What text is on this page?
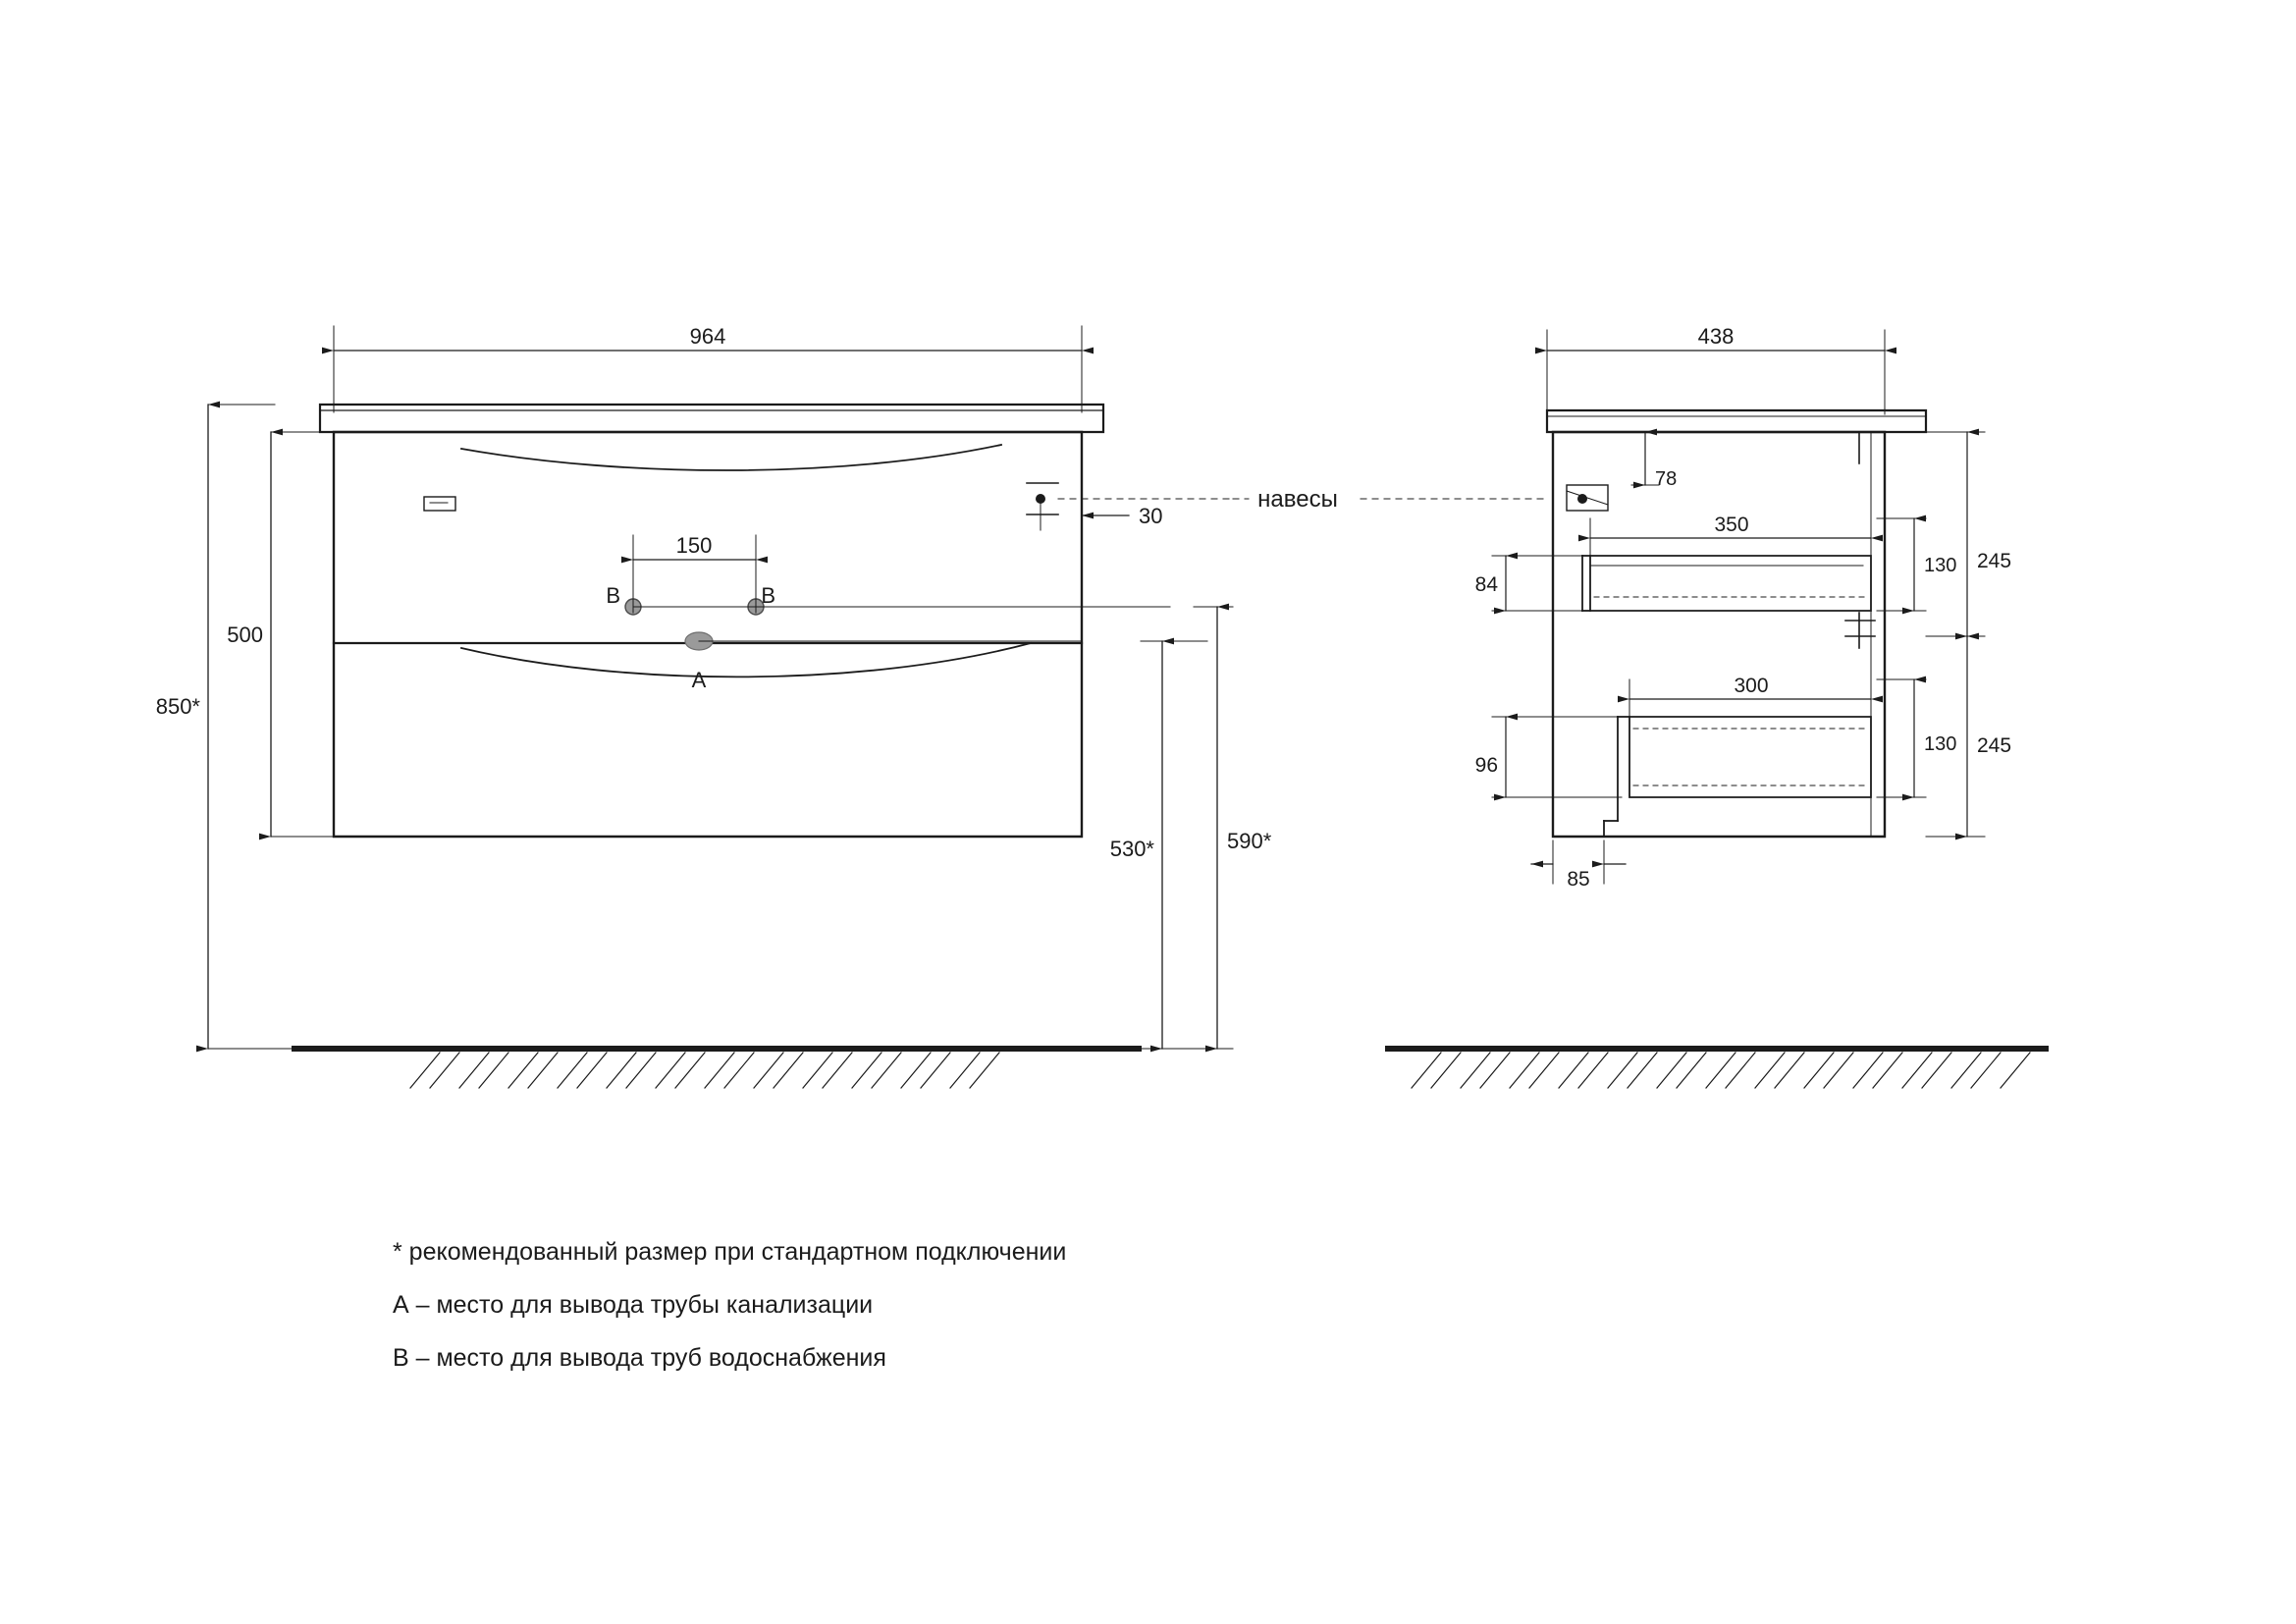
964
500
850*
150
30
530*	590*
B	B
A
навесы
438
78
350
84
130 245
300
96
130 245
85
* рекомендованный размер при стандартном подключении
А – место для вывода трубы канализации
В – место для вывода труб водоснабжения
